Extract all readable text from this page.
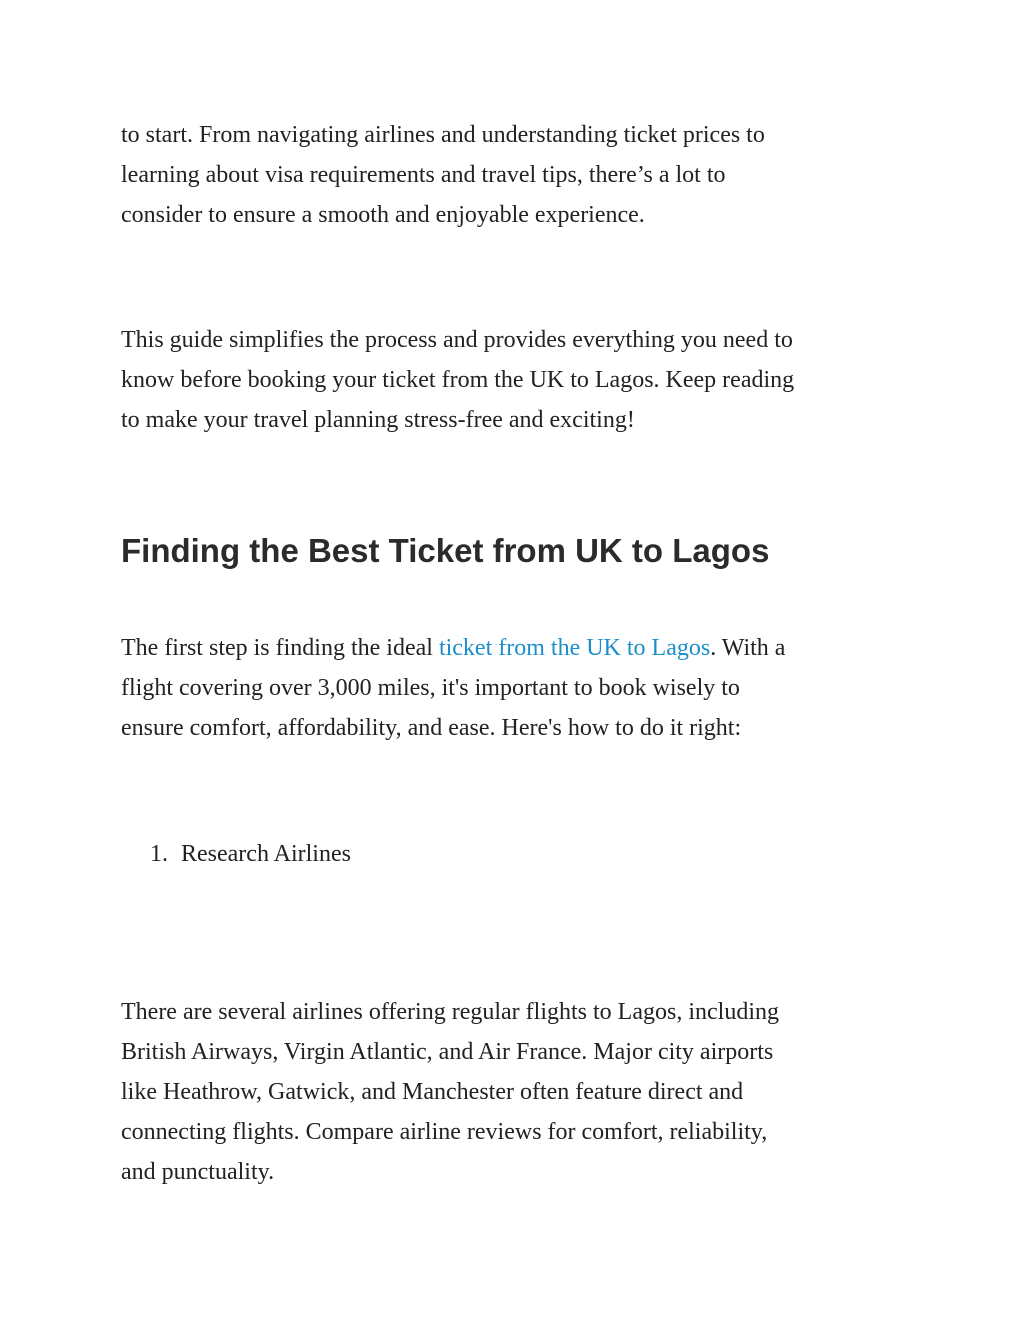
to start. From navigating airlines and understanding ticket prices to
learning about visa requirements and travel tips, there’s a lot to
consider to ensure a smooth and enjoyable experience.

This guide simplifies the process and provides everything you need to
know before booking your ticket from the UK to Lagos. Keep reading
to make your travel planning stress-free and exciting!

Finding the Best Ticket from UK to Lagos

The first step is finding the ideal ticket from the UK to Lagos. With a
flight covering over 3,000 miles, it's important to book wisely to
ensure comfort, affordability, and ease. Here's how to do it right:

1. Research Airlines

There are several airlines offering regular flights to Lagos, including
British Airways, Virgin Atlantic, and Air France. Major city airports
like Heathrow, Gatwick, and Manchester often feature direct and
connecting flights. Compare airline reviews for comfort, reliability,
and punctuality.
